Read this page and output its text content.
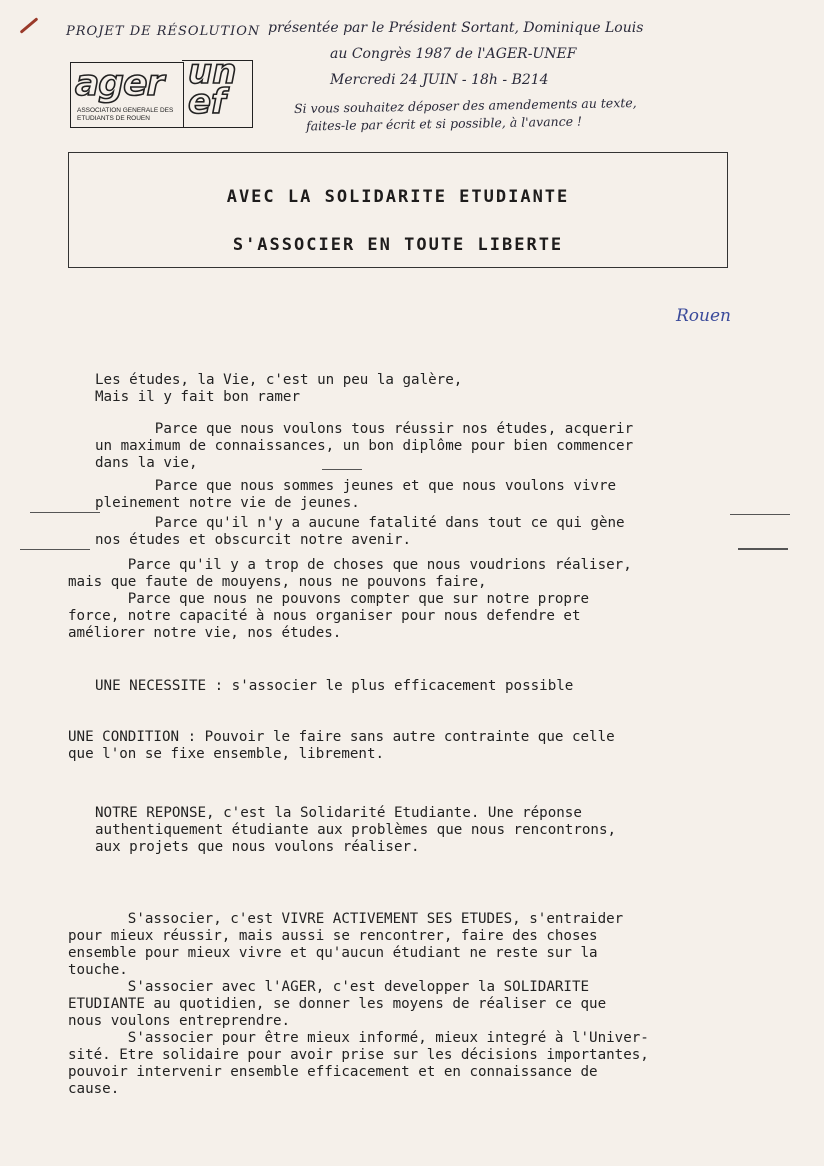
PROJET DE RÉSOLUTION présentée par le Président Sortant, Dominique Louis
au Congrès 1987 de l'AGER-UNEF
Mercredi 24 JUIN - 18h - B214
Si vous souhaitez déposer des amendements au texte,
faites-le par écrit et si possible, à l'avance !
ager
ASSOCIATION GENERALE DES ETUDIANTS DE ROUEN
unef
AVEC LA SOLIDARITE ETUDIANTE
S'ASSOCIER EN TOUTE LIBERTE
Rouen
Les études, la Vie, c'est un peu la galère,
Mais il y fait bon ramer
Parce que nous voulons tous réussir nos études, acquerir
un maximum de connaissances, un bon diplôme pour bien commencer
dans la vie,
Parce que nous sommes jeunes et que nous voulons vivre
pleinement notre vie de jeunes.
Parce qu'il n'y a aucune fatalité dans tout ce qui gène
nos études et obscurcit notre avenir.
Parce qu'il y a trop de choses que nous voudrions réaliser,
mais que faute de mouyens, nous ne pouvons faire,
Parce que nous ne pouvons compter que sur notre propre
force, notre capacité à nous organiser pour nous defendre et
améliorer notre vie, nos études.
UNE NECESSITE : s'associer le plus efficacement possible
UNE CONDITION : Pouvoir le faire sans autre contrainte que celle
que l'on se fixe ensemble, librement.
NOTRE REPONSE, c'est la Solidarité Etudiante. Une réponse
authentiquement étudiante aux problèmes que nous rencontrons,
aux projets que nous voulons réaliser.
S'associer, c'est VIVRE ACTIVEMENT SES ETUDES, s'entraider
pour mieux réussir, mais aussi se rencontrer, faire des choses
ensemble pour mieux vivre et qu'aucun étudiant ne reste sur la
touche.
S'associer avec l'AGER, c'est developper la SOLIDARITE
ETUDIANTE au quotidien, se donner les moyens de réaliser ce que
nous voulons entreprendre.
S'associer pour être mieux informé, mieux integré à l'Univer-
sité. Etre solidaire pour avoir prise sur les décisions importantes,
pouvoir intervenir ensemble efficacement et en connaissance de
cause.
